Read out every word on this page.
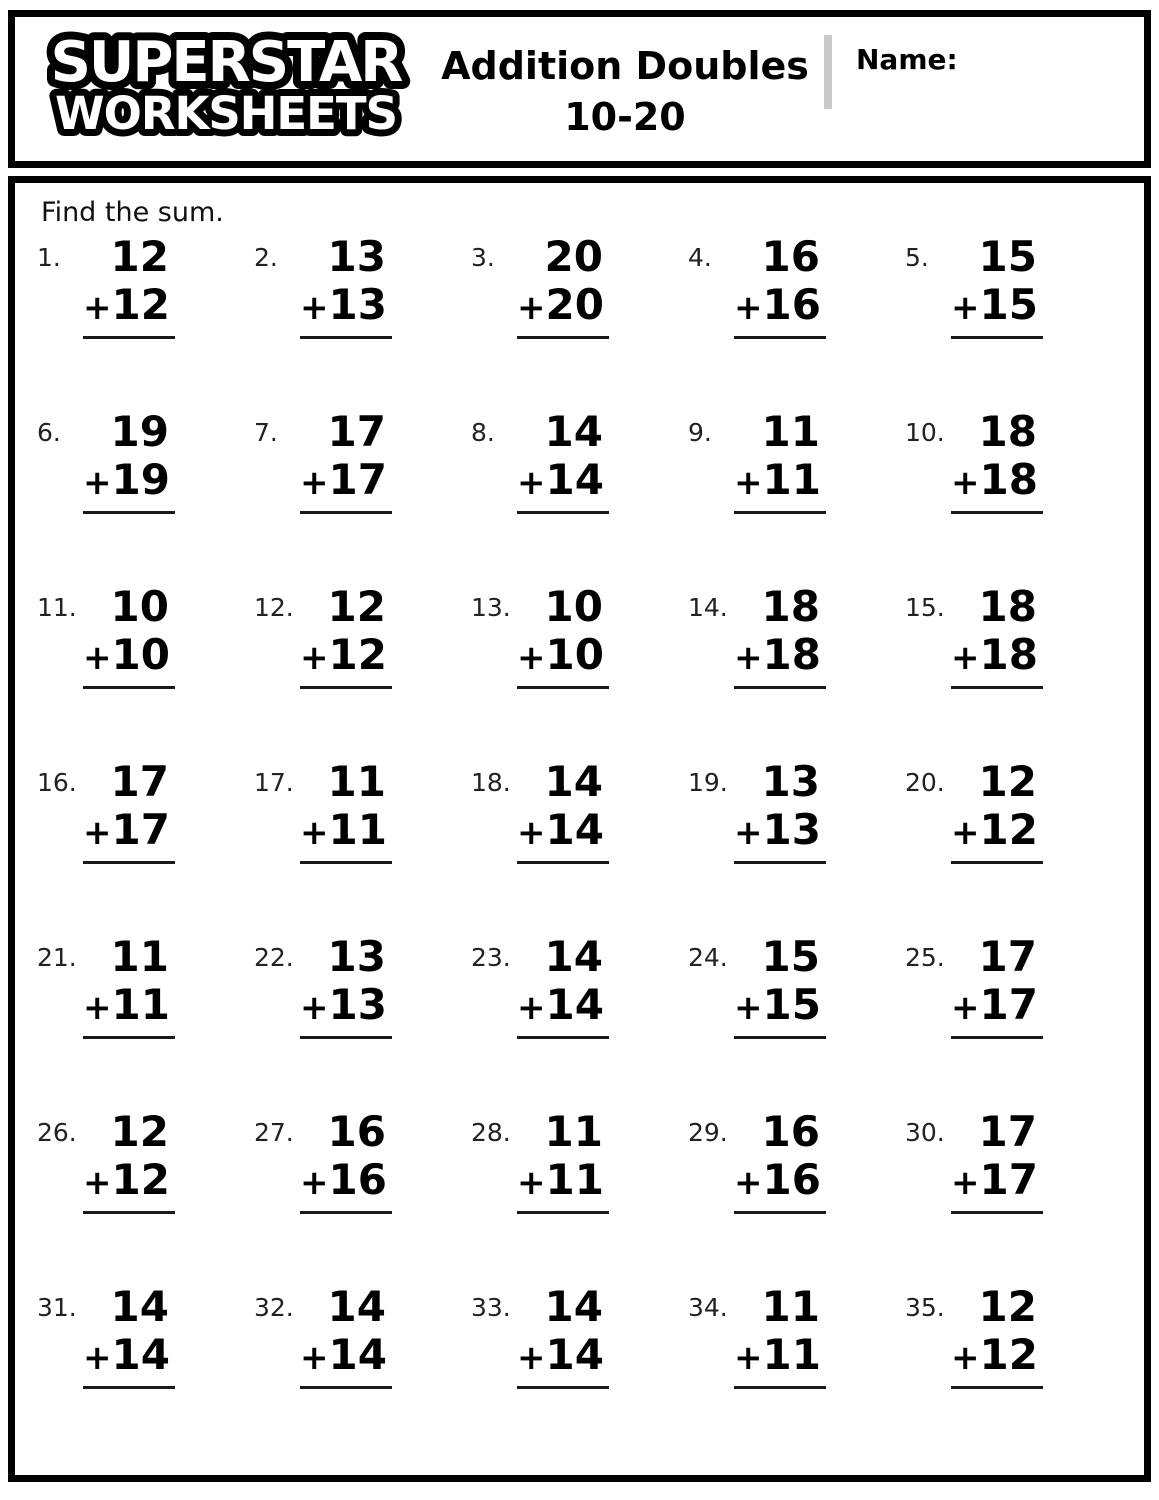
SUPERSTAR
WORKSHEETS
Addition Doubles
10-20
Name:
Find the sum.
1.	12
+ 12
2.	13
+ 13
3.	20
+ 20
4.	16
+ 16
5.	15
+ 15
6.	19
+ 19
7.	17
+ 17
8.	14
+ 14
9.	11
+ 11
10. 18
+ 18
11. 10
+ 10
12. 12
+ 12
13. 10
+ 10
14. 18
+ 18
15. 18
+ 18
16. 17
+ 17
17. 11
+ 11
18. 14
+ 14
19. 13
+ 13
20. 12
+ 12
21. 11
+ 11
22. 13
+ 13
23. 14
+ 14
24. 15
+ 15
25. 17
+ 17
26. 12
+ 12
27. 16
+ 16
28. 11
+ 11
29. 16
+ 16
30. 17
+ 17
31. 14
+ 14
32. 14
+ 14
33. 14
+ 14
34. 11
+ 11
35. 12
+ 12
